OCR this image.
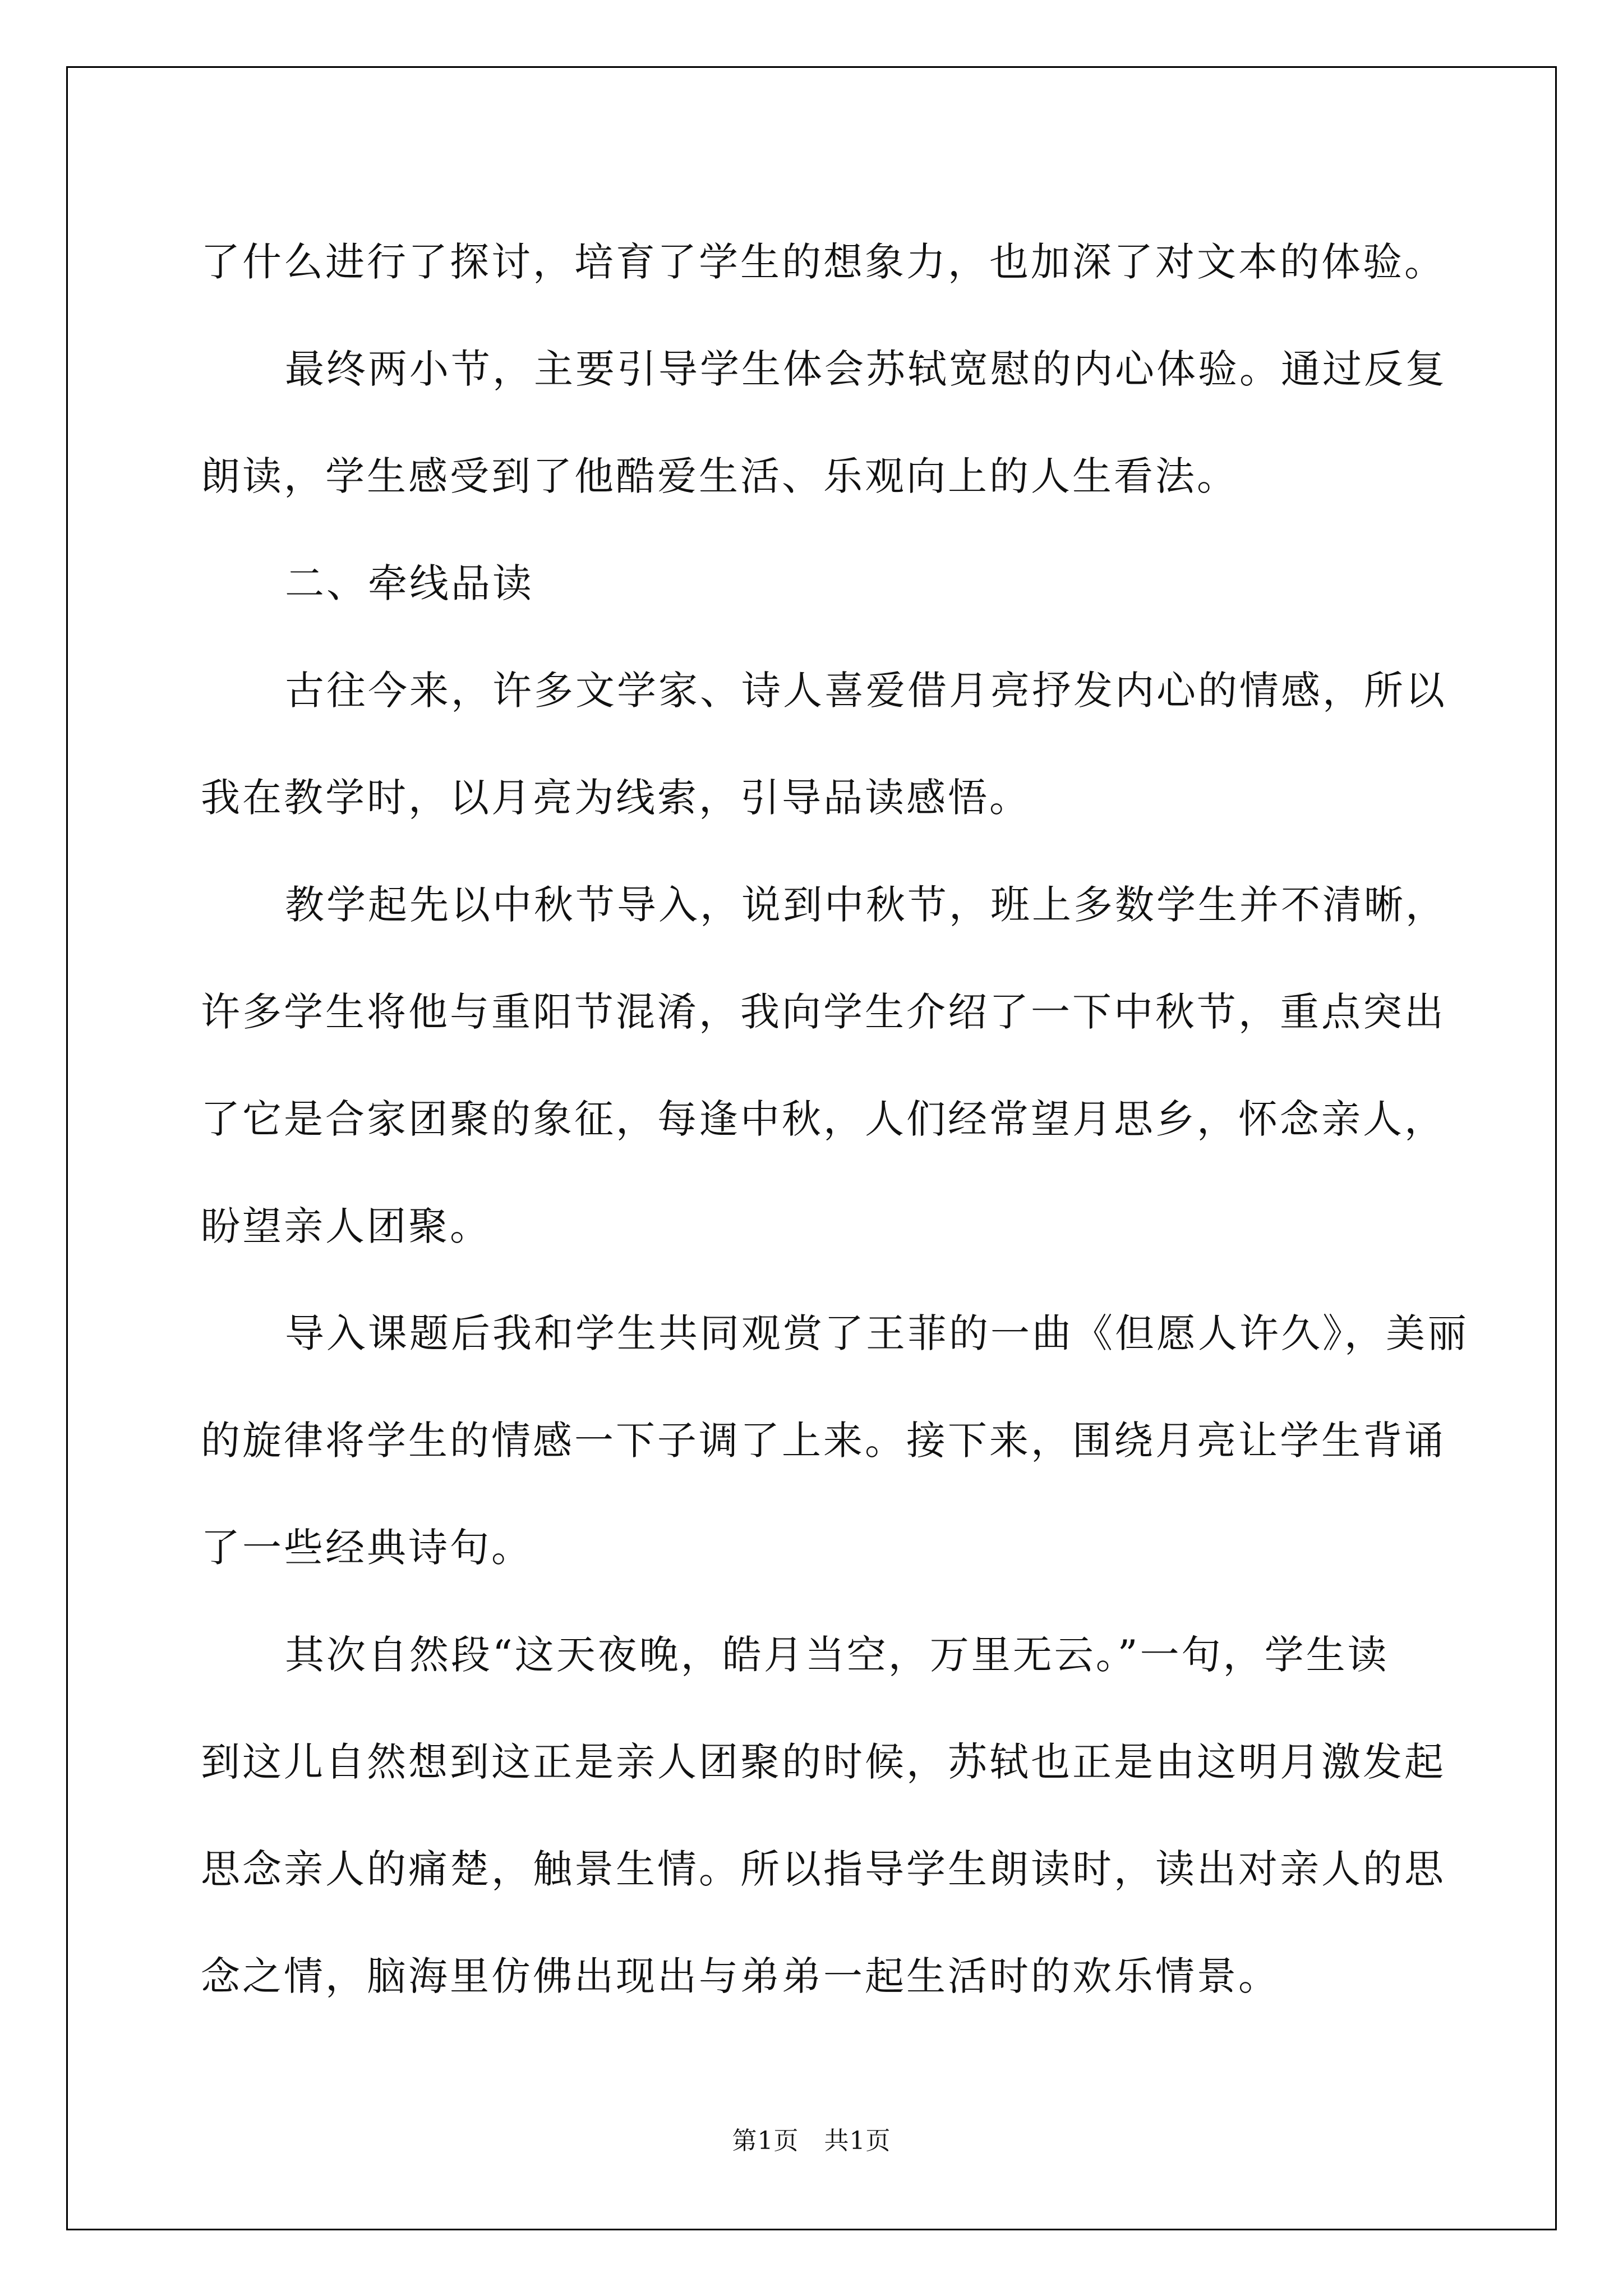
了什么进行了探讨，培育了学生的想象力，也加深了对文本的体验。

最终两小节，主要引导学生体会苏轼宽慰的内心体验。通过反复

朗读，学生感受到了他酷爱生活、乐观向上的人生看法。

二、牵线品读

古往今来，许多文学家、诗人喜爱借月亮抒发内心的情感，所以

我在教学时，以月亮为线索，引导品读感悟。

教学起先以中秋节导入，说到中秋节，班上多数学生并不清晰，

许多学生将他与重阳节混淆，我向学生介绍了一下中秋节，重点突出

了它是合家团聚的象征，每逢中秋，人们经常望月思乡，怀念亲人，

盼望亲人团聚。

导入课题后我和学生共同观赏了王菲的一曲《但愿人许久》，美丽

的旋律将学生的情感一下子调了上来。接下来，围绕月亮让学生背诵

了一些经典诗句。

其次自然段“这天夜晚，皓月当空，万里无云。”一句，学生读

到这儿自然想到这正是亲人团聚的时候，苏轼也正是由这明月激发起

思念亲人的痛楚，触景生情。所以指导学生朗读时，读出对亲人的思

念之情，脑海里仿佛出现出与弟弟一起生活时的欢乐情景。

第1页　共1页
